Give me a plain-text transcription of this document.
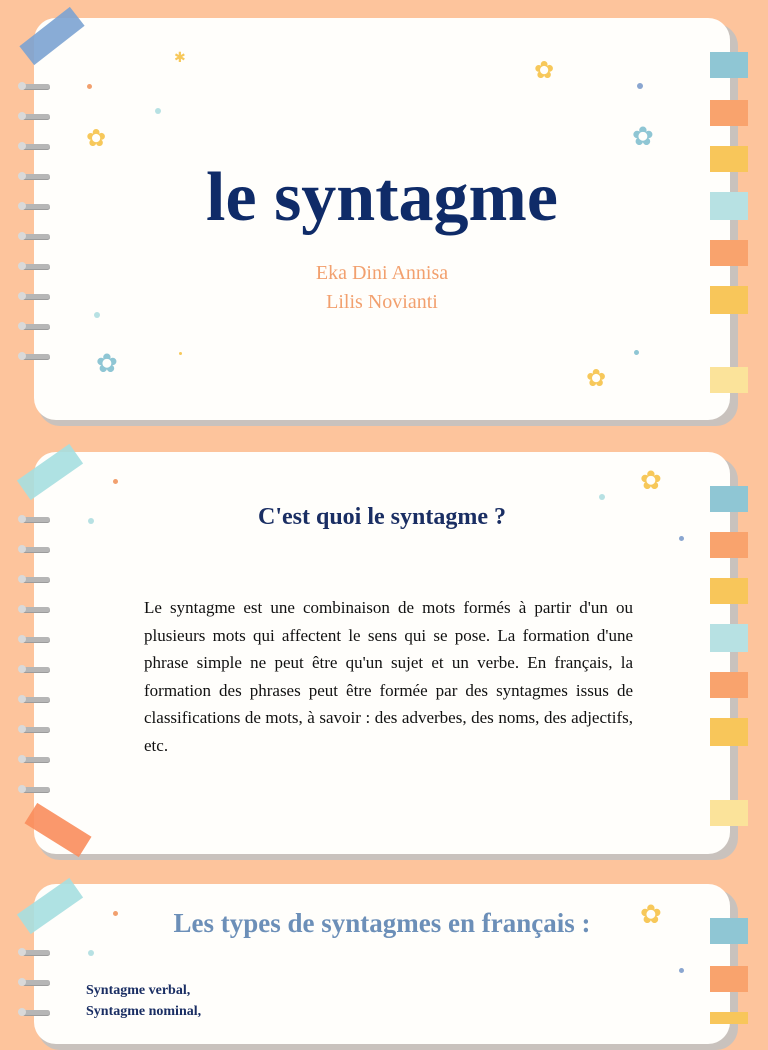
le syntagme
Eka Dini Annisa
Lilis Novianti
✿
✿
✿
✿	✿
✱
C'est quoi le syntagme ?
Le syntagme est une combinaison de mots formés à partir d'un ou plusieurs mots qui affectent le sens qui se pose. La formation d'une phrase simple ne peut être qu'un sujet et un verbe. En français, la formation des phrases peut être formée par des syntagmes issus de classifications de mots, à savoir : des adverbes, des noms, des adjectifs, etc.
✿
Les types de syntagmes en français :
Syntagme verbal,
Syntagme nominal,
✿
